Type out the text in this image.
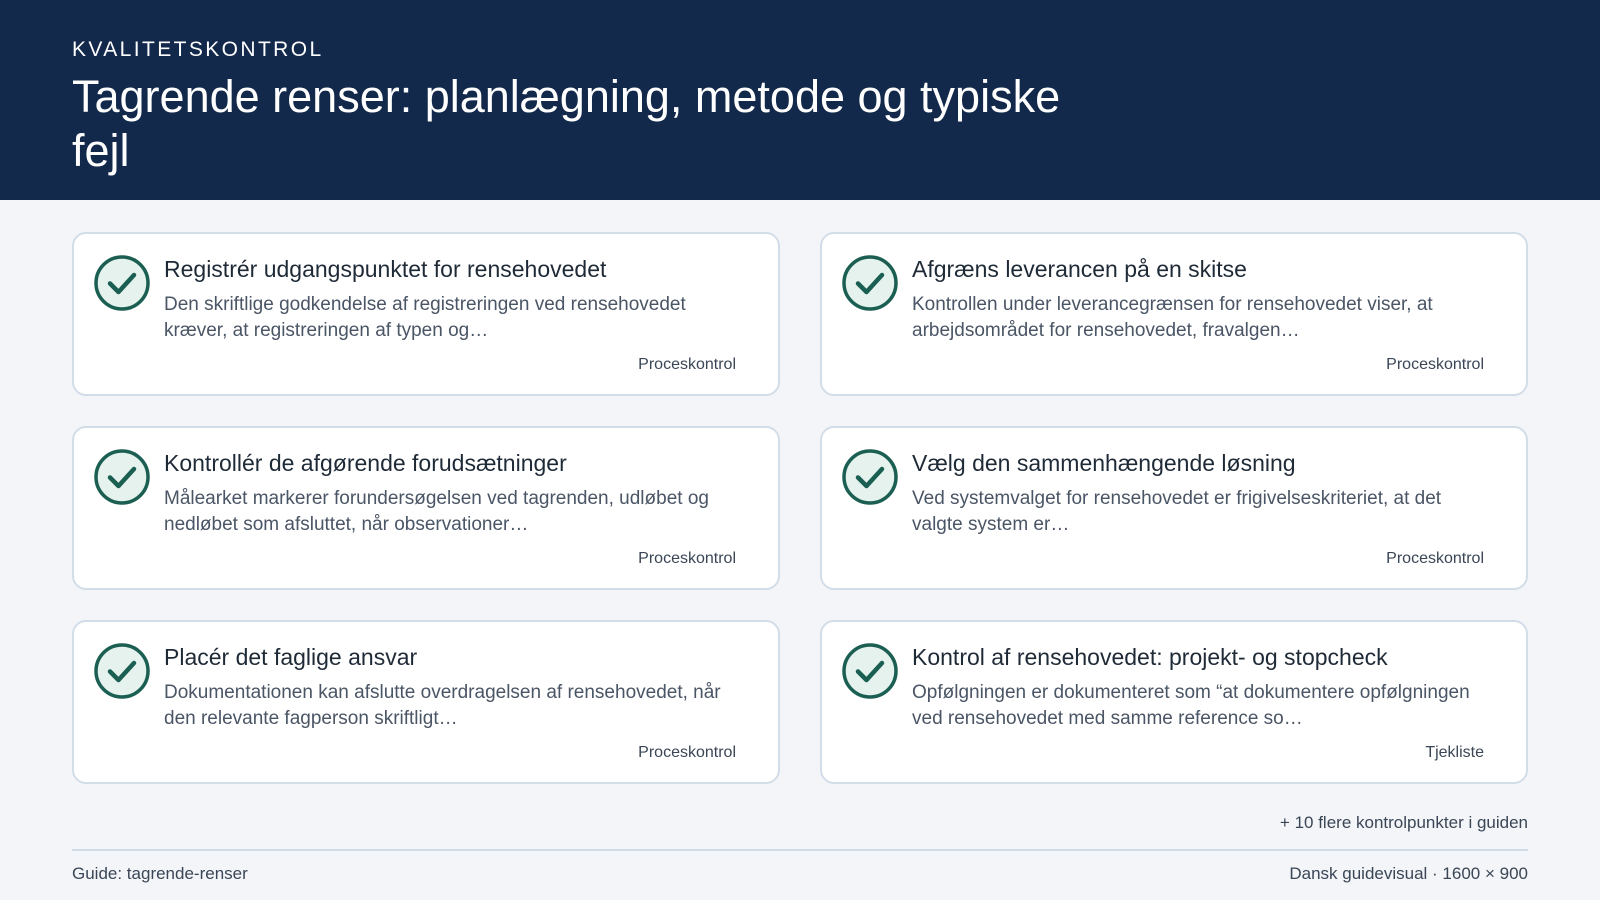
KVALITETSKONTROL
Tagrende renser: planlægning, metode og typiske fejl
Registrér udgangspunktet for rensehovedet
Den skriftlige godkendelse af registreringen ved rensehovedet kræver, at registreringen af typen og…
Proceskontrol
Afgræns leverancen på en skitse
Kontrollen under leverancegrænsen for rensehovedet viser, at arbejdsområdet for rensehovedet, fravalgen…
Proceskontrol
Kontrollér de afgørende forudsætninger
Målearket markerer forundersøgelsen ved tagrenden, udløbet og nedløbet som afsluttet, når observationer…
Proceskontrol
Vælg den sammenhængende løsning
Ved systemvalget for rensehovedet er frigivelseskriteriet, at det valgte system er…
Proceskontrol
Placér det faglige ansvar
Dokumentationen kan afslutte overdragelsen af rensehovedet, når den relevante fagperson skriftligt…
Proceskontrol
Kontrol af rensehovedet: projekt- og stopcheck
Opfølgningen er dokumenteret som “at dokumentere opfølgningen ved rensehovedet med samme reference so…
Tjekliste
+ 10 flere kontrolpunkter i guiden
Guide: tagrende-renser	Dansk guidevisual · 1600 × 900
